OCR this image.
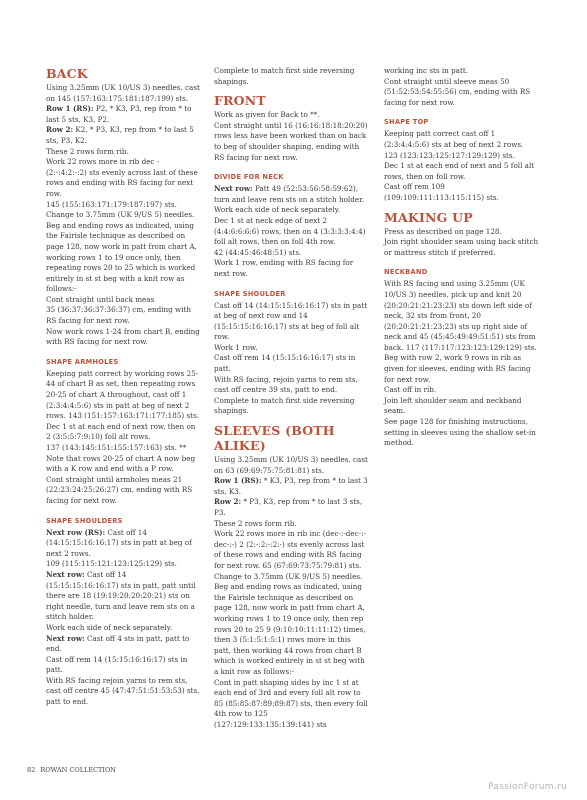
BACK

Using 3.25mm (UK 10/US 3) needles, cast on 145 (157:163:175:181:187:199) sts.
Row 1 (RS): P2, * K3, P3, rep from * to last 5 sts, K3, P2.
Row 2: K2, * P3, K3, rep from * to last 5 sts, P3, K2.
These 2 rows form rib.
Work 22 rows more in rib dec - (2:-:4:2:-:2) sts evenly across last of these rows and ending with RS facing for next row.
145 (155:163:171:179:187:197) sts.
Change to 3.75mm (UK 9/US 5) needles.
Beg and ending rows as indicated, using the Fairisle technique as described on page 128, now work in patt from chart A, working rows 1 to 19 once only, then repeating rows 20 to 25 which is worked entirely in st st beg with a knit row as follows:-
Cont straight until back meas
35 (36:37:36:37:36:37) cm, ending with RS facing for next row.
Now work rows 1-24 from chart B, ending with RS facing for next row.

SHAPE ARMHOLES

Keeping patt correct by working rows 25-44 of chart B as set, then repeating rows 20-25 of chart A throughout, cast off 1 (2:3:4:4:5:6) sts in patt at beg of next 2 rows. 143 (151:157:163:171:177:185) sts.
Dec 1 st at each end of next row, then on 2 (3:5:5:7:9:10) foll alt rows.
137 (143:145:151:155:157:163) sts. **
Note that rows 20-25 of chart A now beg with a K row and end with a P row.
Cont straight until armholes meas 21 (22:23:24:25:26:27) cm, ending with RS facing for next row.

SHAPE SHOULDERS

Next row (RS): Cast off 14 (14:15:15:16:16:17) sts in patt at beg of next 2 rows.
109 (115:115:121:123:125:129) sts.
Next row: Cast off 14 (15:15:15:16:16:17) sts in patt, patt until there are 18 (19:19:20:20:20:21) sts on right needle, turn and leave rem sts on a stitch holder.
Work each side of neck separately.
Next row: Cast off 4 sts in patt, patt to end.
Cast off rem 14 (15:15:16:16:17) sts in patt.
With RS facing rejoin yarns to rem sts, cast off centre 45 (47:47:51:51:53:53) sts, patt to end.

Complete to match first side reversing shapings.

FRONT

Work as given for Back to **.
Cont straight until 16 (16:16:18:18:20:20) rows less have been worked than on back to beg of shoulder shaping, ending with RS facing for next row.

DIVIDE FOR NECK

Next row: Patt 49 (52:53:56:58:59:62), turn and leave rem sts on a stitch holder. Work each side of neck separately.
Dec 1 st at neck edge of next 2 (4:4:6:6:6:6) rows, then on 4 (3:3:3:3:4:4) foll alt rows, then on foll 4th row.
42 (44:45:46:48:51) sts.
Work 1 row, ending with RS facing for next row.

SHAPE SHOULDER

Cast off 14 (14:15:15:16:16:17) sts in patt at beg of next row and 14 (15:15:15:16:16:17) sts at beg of foll alt row.
Work 1 row.
Cast off rem 14 (15:15:16:16:17) sts in patt.
With RS facing, rejoin yarns to rem sts, cast off centre 39 sts, patt to end.
Complete to match first side reversing shapings.

SLEEVES (BOTH ALIKE)

Using 3.25mm (UK 10/US 3) needles, cast on 63 (69:69:75:75:81:81) sts.
Row 1 (RS): * K3, P3, rep from * to last 3 sts, K3.
Row 2: * P3, K3, rep from * to last 3 sts, P3.
These 2 rows form rib.
Work 22 rows more in rib inc (dec-:-dec-:-dec-:-) 2 (2:-:2:-:2:-) sts evenly across last of these rows and ending with RS facing for next row. 65 (67:69:73:75:79:81) sts.
Change to 3.75mm (UK 9/US 5) needles.
Beg and ending rows as indicated, using the Fairisle technique as described on page 128, now work in patt from chart A, working rows 1 to 19 once only, then rep rows 20 to 25 9 (9:10:10:11:11:12) times, then 3 (5:1:5:1:5:1) rows more in this patt, then working 44 rows from chart B which is worked entirely in st st beg with a knit row as follows:-
Cont in patt shaping sides by inc 1 st at each end of 3rd and every foll alt row to 85 (85:85:87:89:89:87) sts, then every foll 4th row to 125 (127:129:133:135:139:141) sts

working inc sts in patt.
Cont straight until sleeve meas 50 (51:52:53:54:55:56) cm, ending with RS facing for next row.

SHAPE TOP

Keeping patt correct cast off 1 (2:3:4:4:5:6) sts at beg of next 2 rows. 123 (123:123:125:127:129:129) sts.
Dec 1 st at each end of next and 5 foll alt rows, then on foll row.
Cast off rem 109 (109:109:111:113:115:115) sts.

MAKING UP

Press as described on page 128.
Join right shoulder seam using back stitch or mattress stitch if preferred.

NECKBAND

With RS facing and using 3.25mm (UK 10/US 3) needles, pick up and knit 20 (20:20:21:21:23:23) sts down left side of neck, 32 sts from front, 20 (20:20:21:21:23:23) sts up right side of neck and 45 (45:45:49:49:51:51) sts from back. 117 (117:117:123:123:129:129) sts.
Beg with row 2, work 9 rows in rib as given for sleeves, ending with RS facing for next row.
Cast off in rib.
Join left shoulder seam and neckband seam.
See page 128 for finishing instructions, setting in sleeves using the shallow set-in method.

82 ROWAN COLLECTION
PassionForum.ru
